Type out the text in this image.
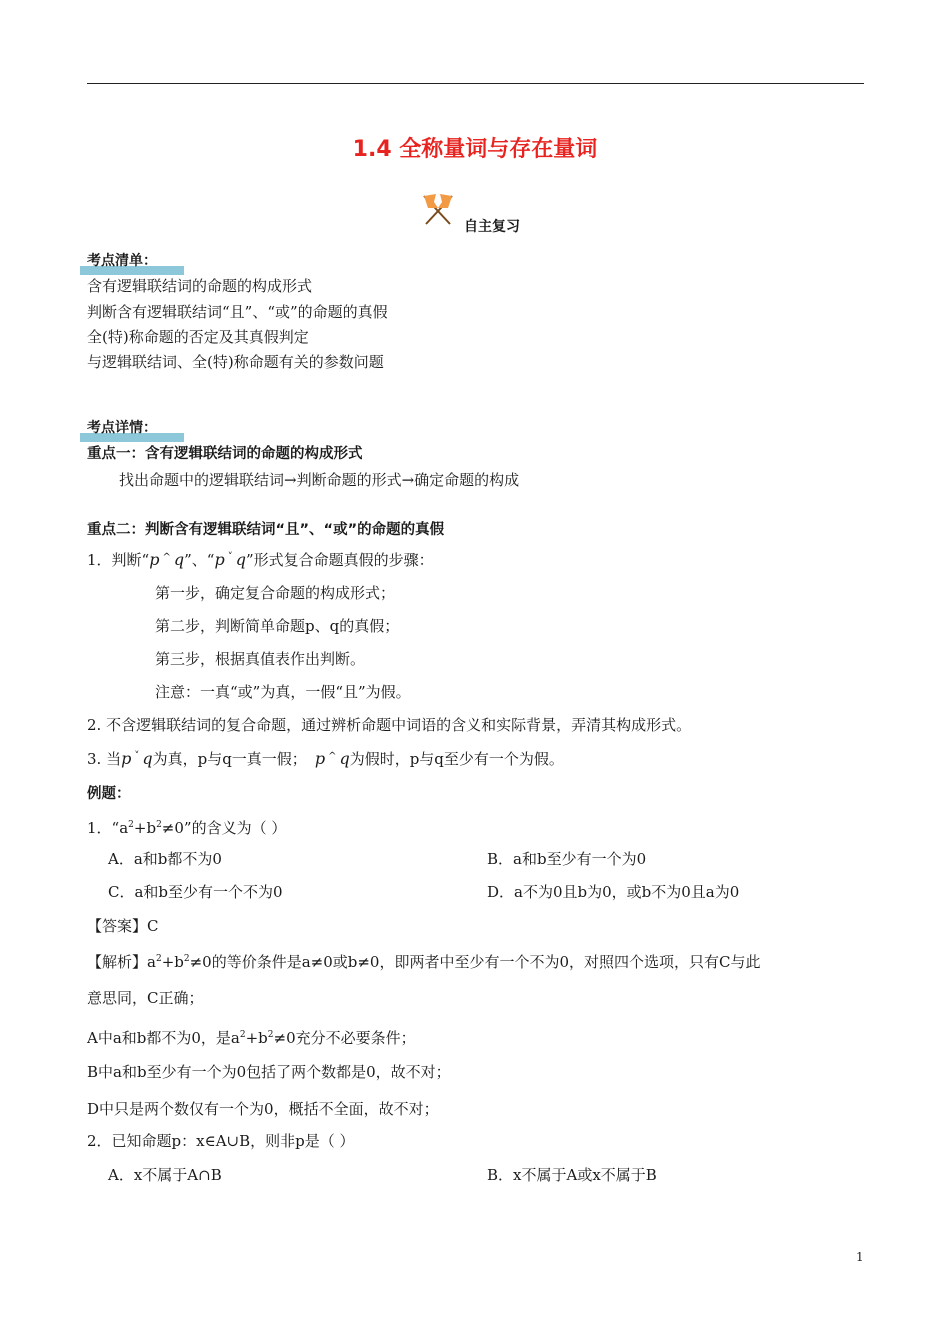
1.4 全称量词与存在量词
自主复习
考点清单：
含有逻辑联结词的命题的构成形式
判断含有逻辑联结词“且”、“或”的命题的真假
全(特)称命题的否定及其真假判定
与逻辑联结词、全(特)称命题有关的参数问题
考点详情：
重点一：含有逻辑联结词的命题的构成形式
找出命题中的逻辑联结词→判断命题的形式→确定命题的构成
重点二：判断含有逻辑联结词“且”、“或”的命题的真假
1．判断“p ^ q”、“p ˅ q”形式复合命题真假的步骤：
第一步，确定复合命题的构成形式；
第二步，判断简单命题p、q的真假；
第三步，根据真值表作出判断。
注意：一真“或”为真，一假“且”为假。
2. 不含逻辑联结词的复合命题，通过辨析命题中词语的含义和实际背景，弄清其构成形式。
3. 当p ˅ q为真，p与q一真一假； p ^ q为假时，p与q至少有一个为假。
例题：
1．“$a^2+b^2\ne 0$”的含义为（ ）
A．a和b都不为0	B．a和b至少有一个为0
C．a和b至少有一个不为0	D．a不为0且b为0，或b不为0且a为0
【答案】C
【解析】$a^2+b^2\ne 0$的等价条件是a≠0或b≠0，即两者中至少有一个不为0，对照四个选项，只有C与此
意思同，C正确；
A中a和b都不为0，是$a^2+b^2\ne 0$充分不必要条件；
B中a和b至少有一个为0包括了两个数都是0，故不对；
D中只是两个数仅有一个为0，概括不全面，故不对；
2．已知命题p：x∈A∪B，则非p是（ ）
A．x不属于A∩B	B．x不属于A或x不属于B
1
